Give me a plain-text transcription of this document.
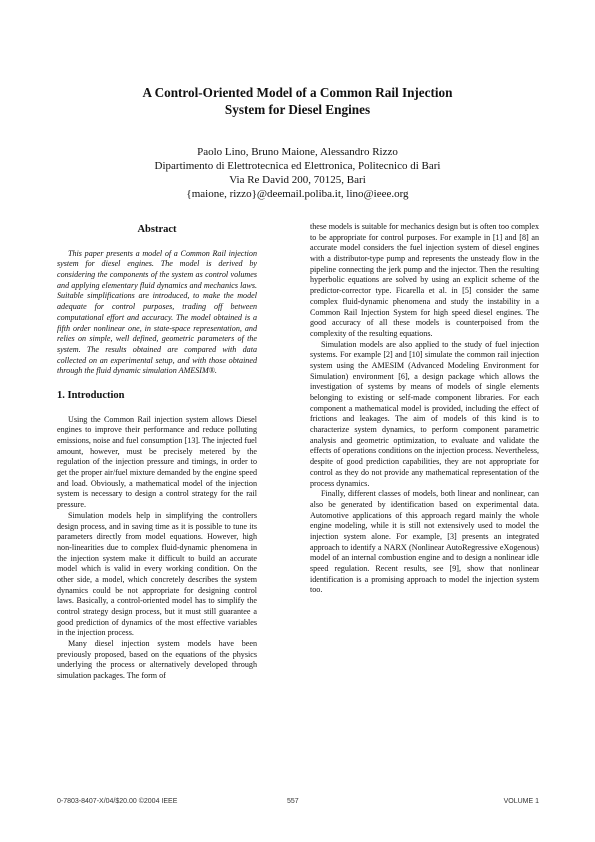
A Control-Oriented Model of a Common Rail Injection
System for Diesel Engines
Paolo Lino, Bruno Maione, Alessandro Rizzo
Dipartimento di Elettrotecnica ed Elettronica, Politecnico di Bari
Via Re David 200, 70125, Bari
{maione, rizzo}@deemail.poliba.it, lino@ieee.org
Abstract

This paper presents a model of a Common Rail injection system for diesel engines. The model is derived by considering the components of the system as control volumes and applying elementary fluid dynamics and mechanics laws. Suitable simplifications are introduced, to make the model adequate for control purposes, trading off between computational effort and accuracy. The model obtained is a fifth order nonlinear one, in state-space representation, and relies on simple, well defined, geometric parameters of the system. The results obtained are compared with data collected on an experimental setup, and with those obtained through the fluid dynamic simulation AMESIM®.

1. Introduction

Using the Common Rail injection system allows Diesel engines to improve their performance and reduce polluting emissions, noise and fuel consumption [13]. The injected fuel amount, however, must be precisely metered by the regulation of the injection pressure and timings, in order to get the proper air/fuel mixture demanded by the engine speed and load. Obviously, a mathematical model of the injection system is necessary to design a control strategy for the rail pressure.

Simulation models help in simplifying the controllers design process, and in saving time as it is possible to tune its parameters directly from model equations. However, high non-linearities due to complex fluid-dynamic phenomena in the injection system make it difficult to build an accurate model which is valid in every working condition. On the other side, a model, which concretely describes the system dynamics could be not appropriate for designing control laws. Basically, a control-oriented model has to simplify the control strategy design process, but it must still guarantee a good prediction of dynamics of the most effective variables in the injection process.

Many diesel injection system models have been previously proposed, based on the equations of the physics underlying the process or alternatively developed through simulation packages. The form of

these models is suitable for mechanics design but is often too complex to be appropriate for control purposes. For example in [1] and [8] an accurate model considers the fuel injection system of diesel engines with a distributor-type pump and represents the unsteady flow in the pipeline connecting the jerk pump and the injector. Then the resulting hyperbolic equations are solved by using an explicit scheme of the predictor-corrector type. Ficarella et al. in [5] consider the same complex fluid-dynamic phenomena and study the instability in a Common Rail Injection System for high speed diesel engines. The good accuracy of all these models is counterpoised from the complexity of the resulting equations.

Simulation models are also applied to the study of fuel injection systems. For example [2] and [10] simulate the common rail injection system using the AMESIM (Advanced Modeling Environment for Simulation) environment [6], a design package which allows the investigation of systems by means of models of single elements belonging to existing or self-made component libraries. For each component a mathematical model is provided, including the effect of frictions and leakages. The aim of models of this kind is to characterize system dynamics, to perform component parametric analysis and geometric optimization, to evaluate and validate the effects of operations conditions on the injection process. Nevertheless, despite of good prediction capabilities, they are not appropriate for control as they do not provide any mathematical representation of the process dynamics.

Finally, different classes of models, both linear and nonlinear, can also be generated by identification based on experimental data. Automotive applications of this approach regard mainly the whole engine modeling, while it is still not extensively used to model the injection system alone. For example, [3] presents an integrated approach to identify a NARX (Nonlinear AutoRegressive eXogenous) model of an internal combustion engine and to design a nonlinear idle speed regulation. Recent results, see [9], show that nonlinear identification is a promising approach to model the injection system too.

0-7803-8407-X/04/$20.00 ©2004 IEEE	557	VOLUME 1
